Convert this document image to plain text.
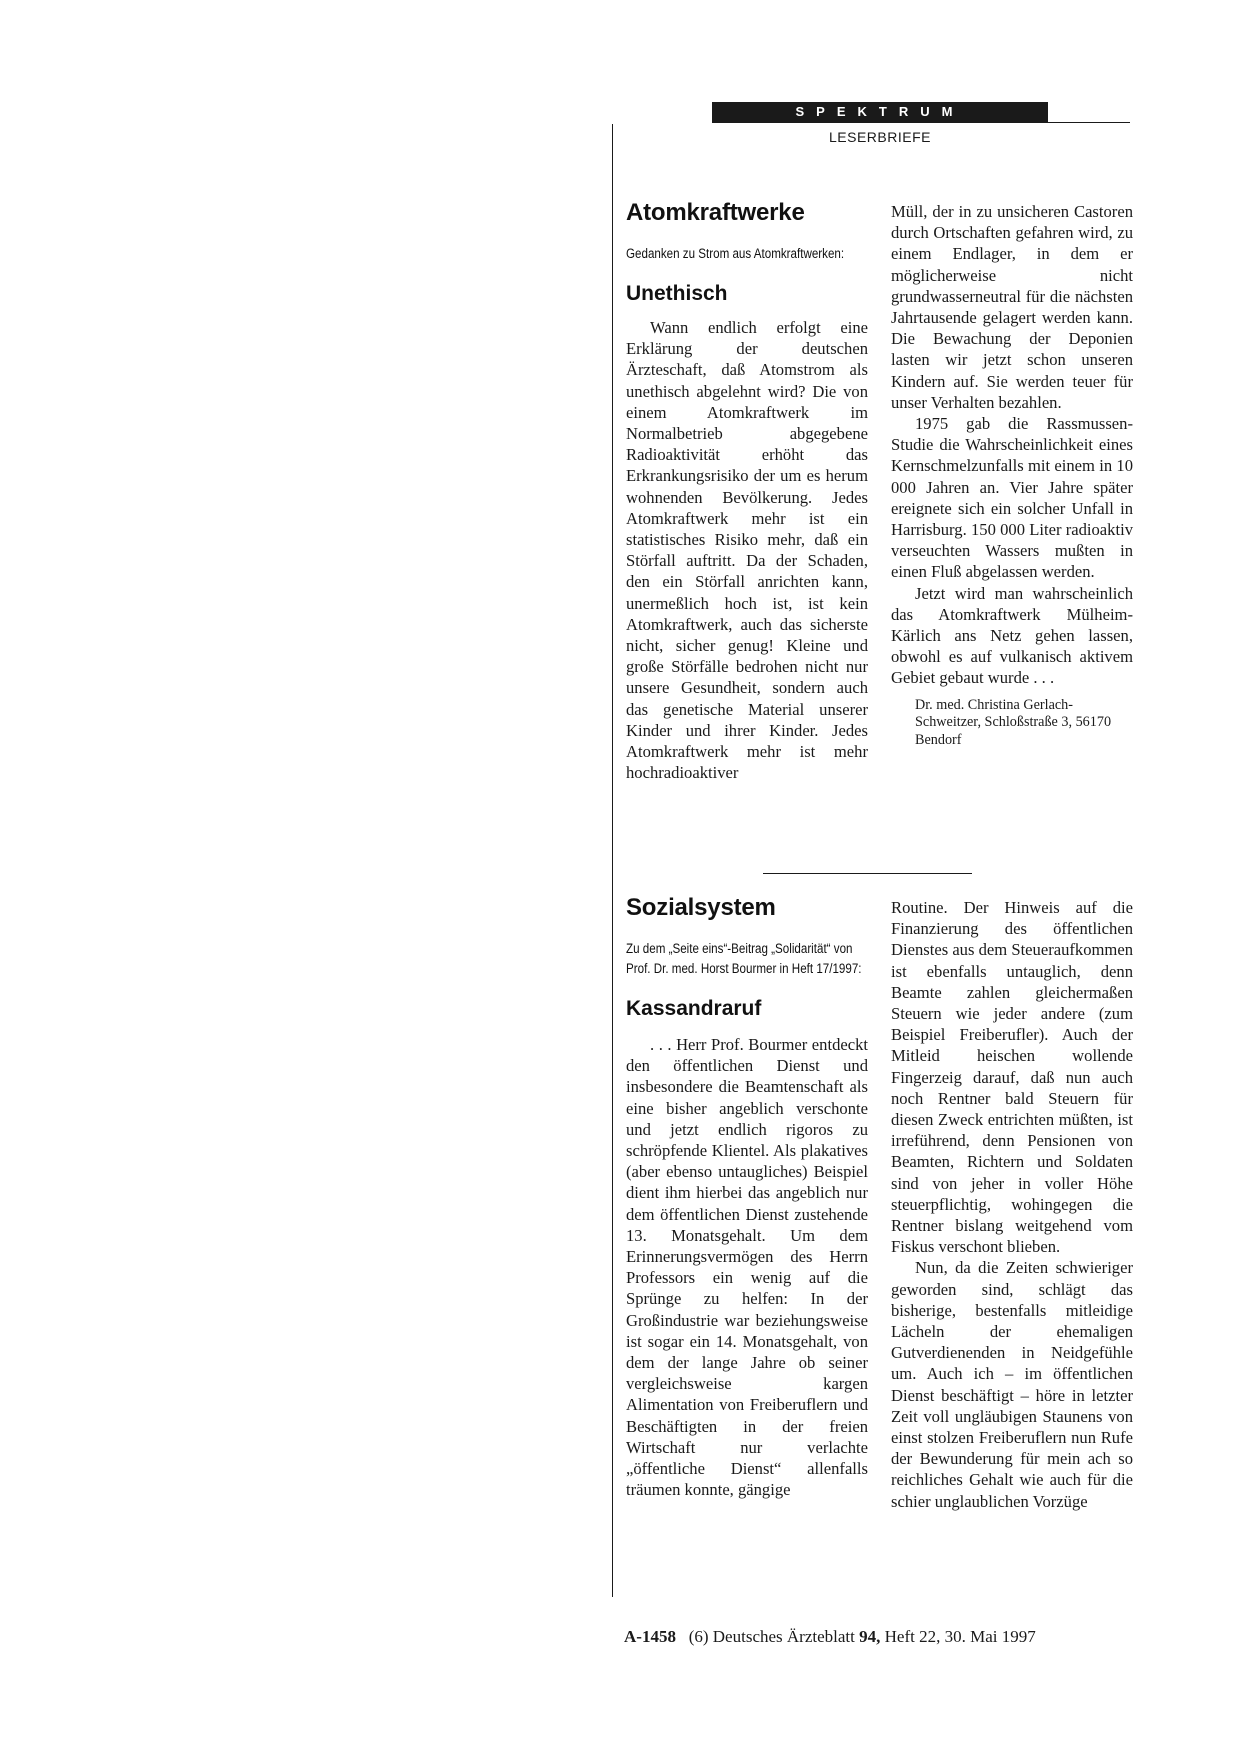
SPEKTRUM
LESERBRIEFE
Atomkraftwerke

Gedanken zu Strom aus Atomkraftwerken:

Unethisch

Wann endlich erfolgt eine Erklärung der deutschen Ärzteschaft, daß Atomstrom als unethisch abgelehnt wird? Die von einem Atomkraftwerk im Normalbetrieb abgegebene Radioaktivität erhöht das Erkrankungsrisiko der um es herum wohnenden Bevölkerung. Jedes Atomkraftwerk mehr ist ein statistisches Risiko mehr, daß ein Störfall auftritt. Da der Schaden, den ein Störfall anrichten kann, unermeßlich hoch ist, ist kein Atomkraftwerk, auch das sicherste nicht, sicher genug! Kleine und große Störfälle bedrohen nicht nur unsere Gesundheit, sondern auch das genetische Material unserer Kinder und ihrer Kinder. Jedes Atomkraftwerk mehr ist mehr hochradioaktiver

Müll, der in zu unsicheren Castoren durch Ortschaften gefahren wird, zu einem Endlager, in dem er möglicherweise nicht grundwasserneutral für die nächsten Jahrtausende gelagert werden kann. Die Bewachung der Deponien lasten wir jetzt schon unseren Kindern auf. Sie werden teuer für unser Verhalten bezahlen.

1975 gab die Rassmussen-Studie die Wahrscheinlichkeit eines Kernschmelzunfalls mit einem in 10 000 Jahren an. Vier Jahre später ereignete sich ein solcher Unfall in Harrisburg. 150 000 Liter radioaktiv verseuchten Wassers mußten in einen Fluß abgelassen werden.

Jetzt wird man wahrscheinlich das Atomkraftwerk Mülheim-Kärlich ans Netz gehen lassen, obwohl es auf vulkanisch aktivem Gebiet gebaut wurde . . .

Dr. med. Christina Gerlach-Schweitzer, Schloßstraße 3, 56170 Bendorf

Sozialsystem

Zu dem „Seite eins“-Beitrag „Solidarität“ von Prof. Dr. med. Horst Bourmer in Heft 17/1997:

Kassandraruf

. . . Herr Prof. Bourmer entdeckt den öffentlichen Dienst und insbesondere die Beamtenschaft als eine bisher angeblich verschonte und jetzt endlich rigoros zu schröpfende Klientel. Als plakatives (aber ebenso untaugliches) Beispiel dient ihm hierbei das angeblich nur dem öffentlichen Dienst zustehende 13. Monatsgehalt. Um dem Erinnerungsvermögen des Herrn Professors ein wenig auf die Sprünge zu helfen: In der Großindustrie war beziehungsweise ist sogar ein 14. Monatsgehalt, von dem der lange Jahre ob seiner vergleichsweise kargen Alimentation von Freiberuflern und Beschäftigten in der freien Wirtschaft nur verlachte „öffentliche Dienst“ allenfalls träumen konnte, gängige

Routine. Der Hinweis auf die Finanzierung des öffentlichen Dienstes aus dem Steueraufkommen ist ebenfalls untauglich, denn Beamte zahlen gleichermaßen Steuern wie jeder andere (zum Beispiel Freiberufler). Auch der Mitleid heischen wollende Fingerzeig darauf, daß nun auch noch Rentner bald Steuern für diesen Zweck entrichten müßten, ist irreführend, denn Pensionen von Beamten, Richtern und Soldaten sind von jeher in voller Höhe steuerpflichtig, wohingegen die Rentner bislang weitgehend vom Fiskus verschont blieben.

Nun, da die Zeiten schwieriger geworden sind, schlägt das bisherige, bestenfalls mitleidige Lächeln der ehemaligen Gutverdienenden in Neidgefühle um. Auch ich – im öffentlichen Dienst beschäftigt – höre in letzter Zeit voll ungläubigen Staunens von einst stolzen Freiberuflern nun Rufe der Bewunderung für mein ach so reichliches Gehalt wie auch für die schier unglaublichen Vorzüge

A-1458 (6) Deutsches Ärzteblatt 94, Heft 22, 30. Mai 1997
